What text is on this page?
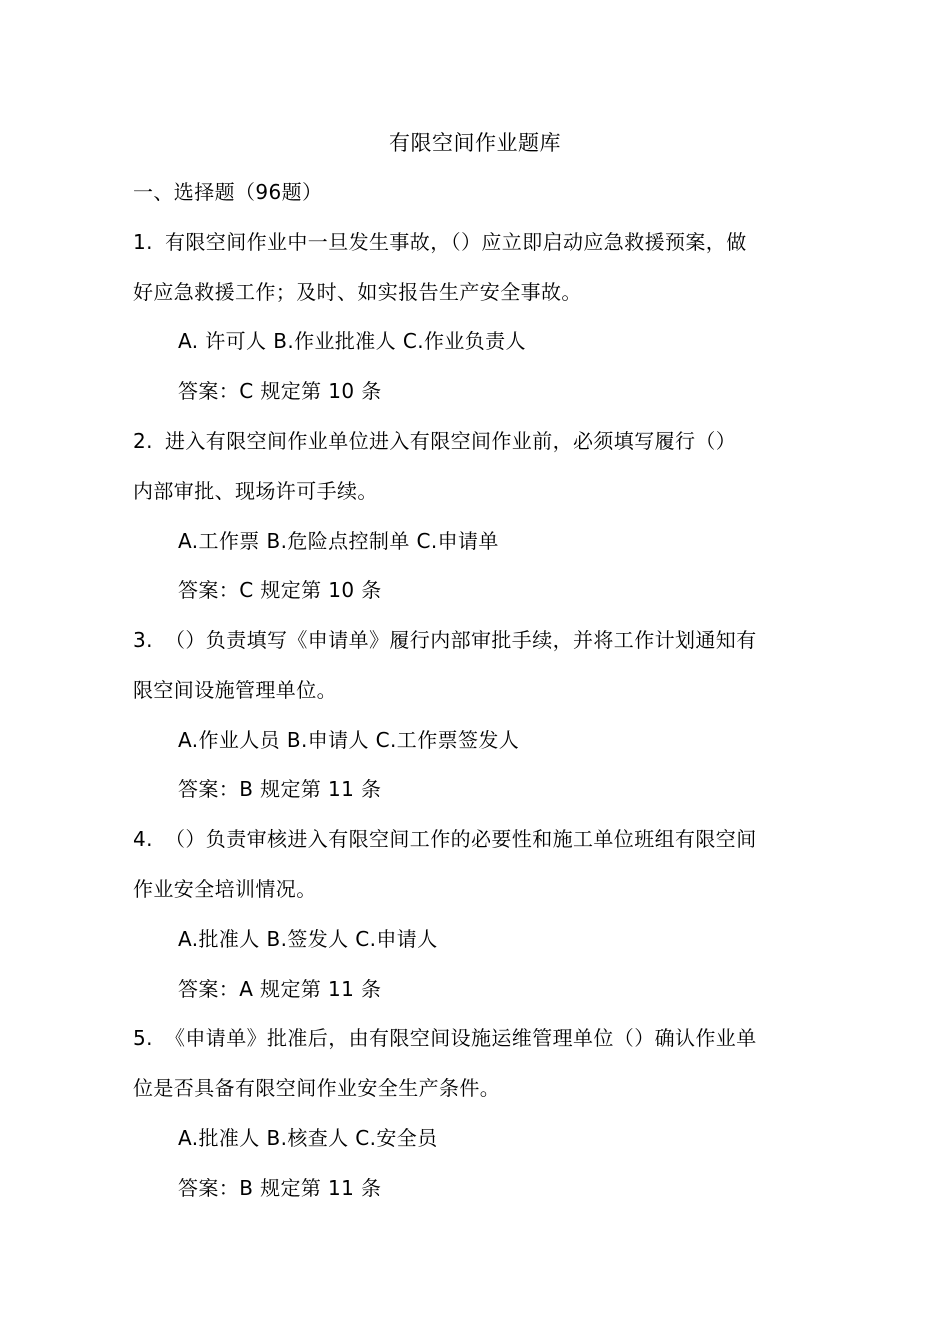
有限空间作业题库
一、选择题（96题）
1. 有限空间作业中一旦发生事故，（）应立即启动应急救援预案，做
好应急救援工作；及时、如实报告生产安全事故。
A. 许可人 B.作业批准人 C.作业负责人
答案：C 规定第 10 条
2. 进入有限空间作业单位进入有限空间作业前，必须填写履行（）
内部审批、现场许可手续。
A.工作票 B.危险点控制单 C.申请单
答案：C 规定第 10 条
3. （）负责填写《申请单》履行内部审批手续，并将工作计划通知有
限空间设施管理单位。
A.作业人员 B.申请人 C.工作票签发人
答案：B 规定第 11 条
4. （）负责审核进入有限空间工作的必要性和施工单位班组有限空间
作业安全培训情况。
A.批准人 B.签发人 C.申请人
答案：A 规定第 11 条
5. 《申请单》批准后，由有限空间设施运维管理单位（）确认作业单
位是否具备有限空间作业安全生产条件。
A.批准人 B.核查人 C.安全员
答案：B 规定第 11 条
